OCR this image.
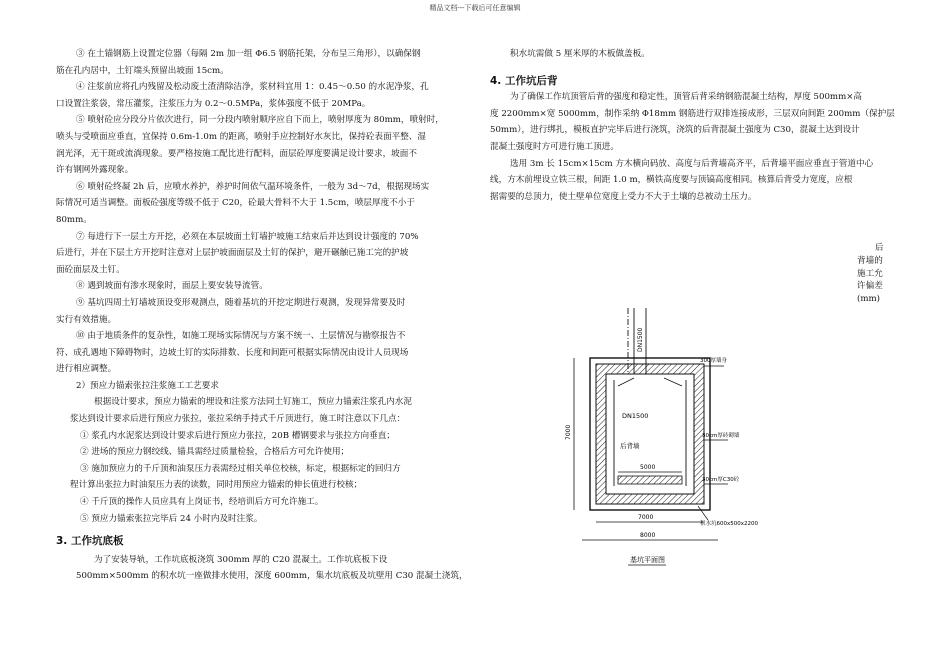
精品文档---下载后可任意编辑

③ 在土锚钢筋上设置定位器（每隔 2m 加一组 Φ6.5 钢筋托架，分布呈三角形），以确保钢

筋在孔内居中，土钉端头预留出坡面 15cm。

④ 注浆前应将孔内残留及松动废土渣清除洁净，浆材料宜用 1：0.45～0.50 的水泥净浆，孔

口设置注浆袋，常压灌浆，注浆压力为 0.2～0.5MPa，浆体强度不低于 20MPa。

⑤ 喷射砼应分段分片依次进行，同一分段内喷射顺序应自下而上，喷射厚度为 80mm，喷射时，

喷头与受喷面应垂直，宜保持 0.6m-1.0m 的距离，喷射手应控制好水灰比，保持砼表面平整、湿

润光泽，无干斑或流淌现象。要严格按施工配比进行配料，面层砼厚度要满足设计要求，坡面不

许有钢网外露现象。

⑥ 喷射砼终凝 2h 后，应喷水养护，养护时间依气温环境条件，一般为 3d～7d，根据现场实

际情况可适当调整。面板砼强度等级不低于 C20，砼最大骨料不大于 1.5cm，喷层厚度不小于

80mm。

⑦ 每进行下一层土方开挖，必须在本层坡面土钉墙护坡施工结束后并达到设计强度的 70%

后进行，并在下层土方开挖时注意对上层护坡面面层及土钉的保护，避开碾触已施工完的护坡

面砼面层及土钉。

⑧ 遇到坡面有渗水现象时，面层上要安装导流管。

⑨ 基坑四周土钉墙坡顶设变形观测点，随着基坑的开挖定期进行观测，发现异常要及时

实行有效措施。

⑩ 由于地质条件的复杂性，如施工现场实际情况与方案不统一、土层情况与勘察报告不

符、成孔遇地下障碍物时，边坡土钉的实际排数、长度和间距可根据实际情况由设计人员现场

进行相应调整。

2）预应力锚索张拉注浆施工工艺要求

根据设计要求，预应力锚索的埋设和注浆方法同土钉施工，预应力锚索注浆孔内水泥

浆达到设计要求后进行预应力张拉，张拉采纳手持式千斤顶进行，施工时注意以下几点：

① 浆孔内水泥浆达到设计要求后进行预应力张拉，20B 槽钢要求与张拉方向垂直；

② 进场的预应力钢绞线、锚具需经过质量检验，合格后方可允许使用；

③ 施加预应力的千斤顶和油泵压力表需经过相关单位校核，标定，根据标定的回归方

程计算出张拉力时油泵压力表的读数，同时用预应力锚索的伸长值进行校核；

④ 千斤顶的操作人员应具有上岗证书，经培训后方可允许施工。

⑤ 预应力锚索张拉完毕后 24 小时内及时注浆。

3. 工作坑底板

为了安装导轨，工作坑底板浇筑 300mm 厚的 C20 混凝土。工作坑底板下设

500mm×500mm 的积水坑一座做排水使用，深度 600mm，集水坑底板及坑壁用 C30 混凝土浇筑，

积水坑需做 5 厘米厚的木板做盖板。

4. 工作坑后背

为了确保工作坑顶管后背的强度和稳定性，顶管后背采纳钢筋混凝土结构，厚度 500mm×高

度 2200mm×宽 5000mm，制作采纳 Φ18mm 钢筋进行双排连接成形，三层双向间距 200mm（保护层

50mm），进行绑扎，模板直护完毕后进行浇筑，浇筑的后背混凝土强度为 C30，混凝土达到设计

混凝土强度时方可进行施工顶进。

选用 3m 长 15cm×15cm 方木横向码放、高度与后背墙高齐平，后背墙平面应垂直于管道中心

线，方木前埋设立铁三根，间距 1.0 m，横铁高度要与顶镐高度相同。核算后背受力宽度，应根

据需要的总顶力，使土壁单位宽度上受力不大于土壤的总被动土压力。

后
背墙的
施工允
许偏差
(mm)
DN1500
DN1500
后背墙
5000
300厚墙身
30cm厚砖砌墙
30cm厚C30砼
积水坑600x500x2200
7000
7000
8000
基坑平面图
